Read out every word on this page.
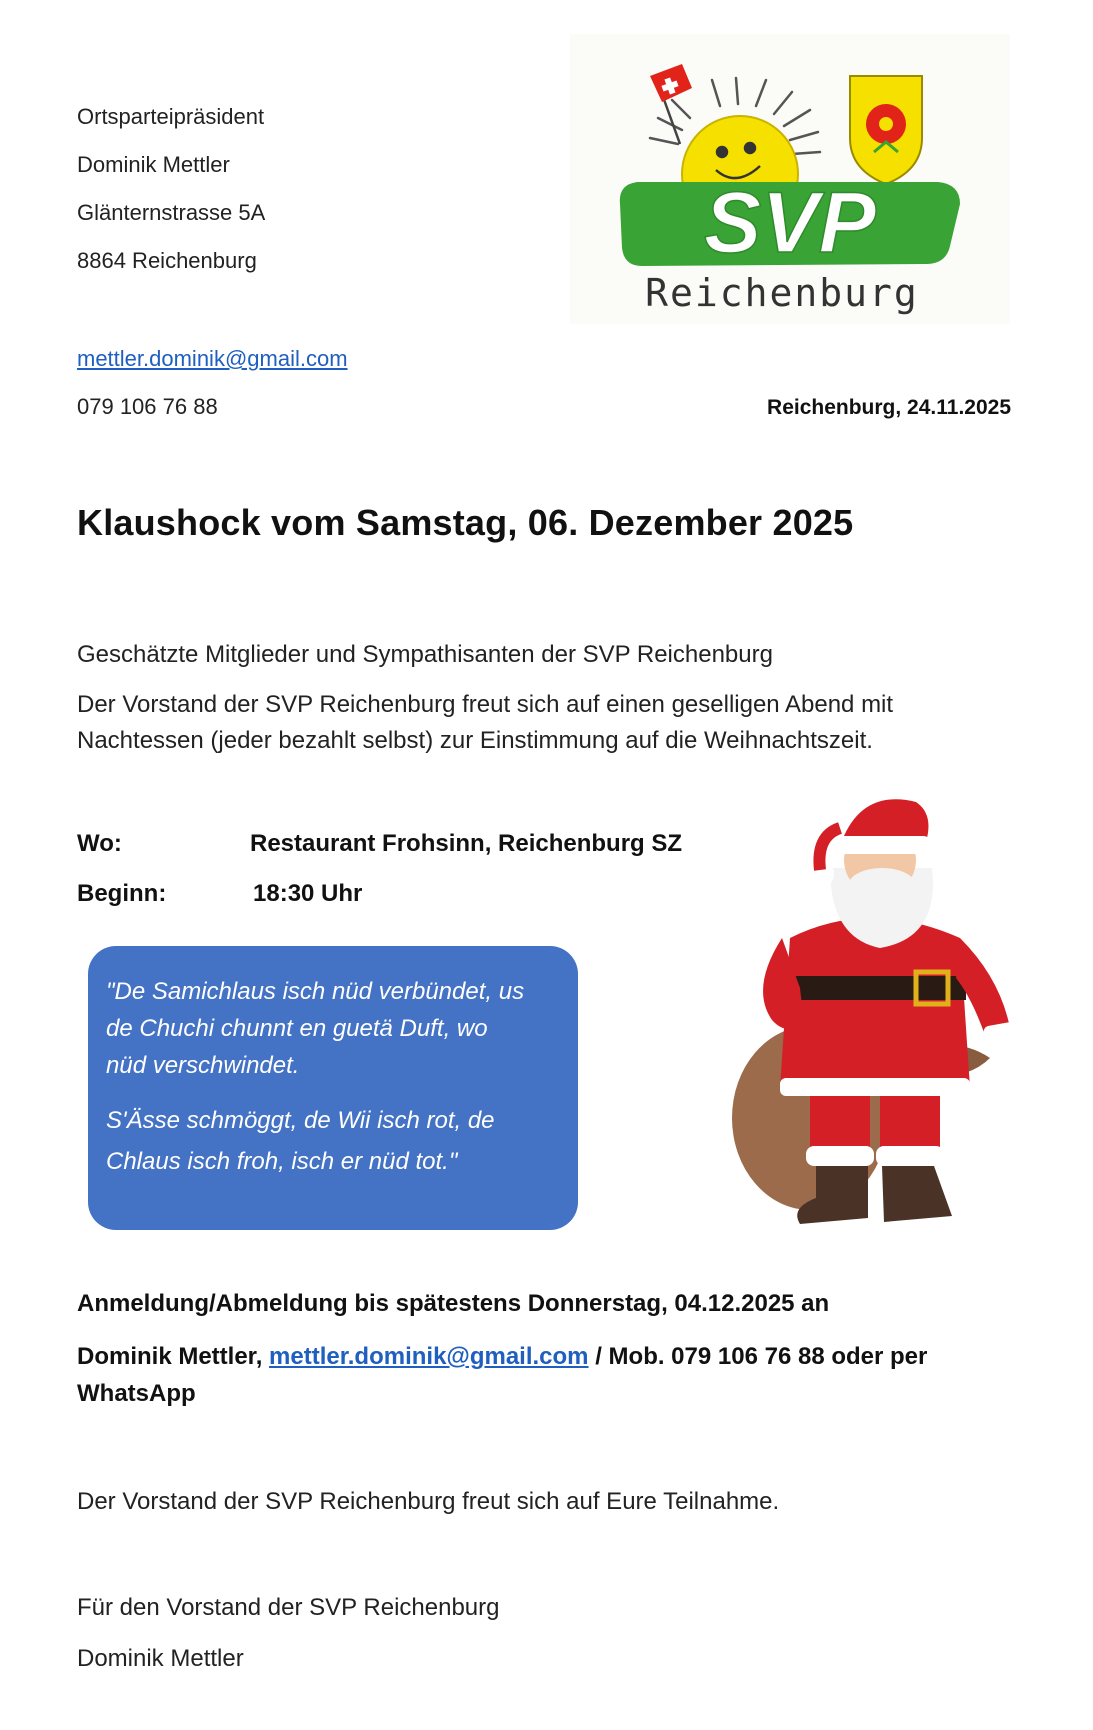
Ortsparteipräsident
Dominik Mettler
Glänternstrasse 5A
8864 Reichenburg
mettler.dominik@gmail.com
079 106 76 88	Reichenburg, 24.11.2025
SVP
Reichenburg
Klaushock vom Samstag, 06. Dezember 2025
Geschätzte Mitglieder und Sympathisanten der SVP Reichenburg
Der Vorstand der SVP Reichenburg freut sich auf einen geselligen Abend mit
Nachtessen (jeder bezahlt selbst) zur Einstimmung auf die Weihnachtszeit.
Wo:	Restaurant Frohsinn, Reichenburg SZ
Beginn:	18:30 Uhr
"De Samichlaus isch nüd verbündet, us
de Chuchi chunnt en guetä Duft, wo
nüd verschwindet.
S'Ässe schmöggt, de Wii isch rot, de
Chlaus isch froh, isch er nüd tot."
Anmeldung/Abmeldung bis spätestens Donnerstag, 04.12.2025 an
Dominik Mettler, mettler.dominik@gmail.com / Mob. 079 106 76 88 oder per
WhatsApp
Der Vorstand der SVP Reichenburg freut sich auf Eure Teilnahme.
Für den Vorstand der SVP Reichenburg
Dominik Mettler
